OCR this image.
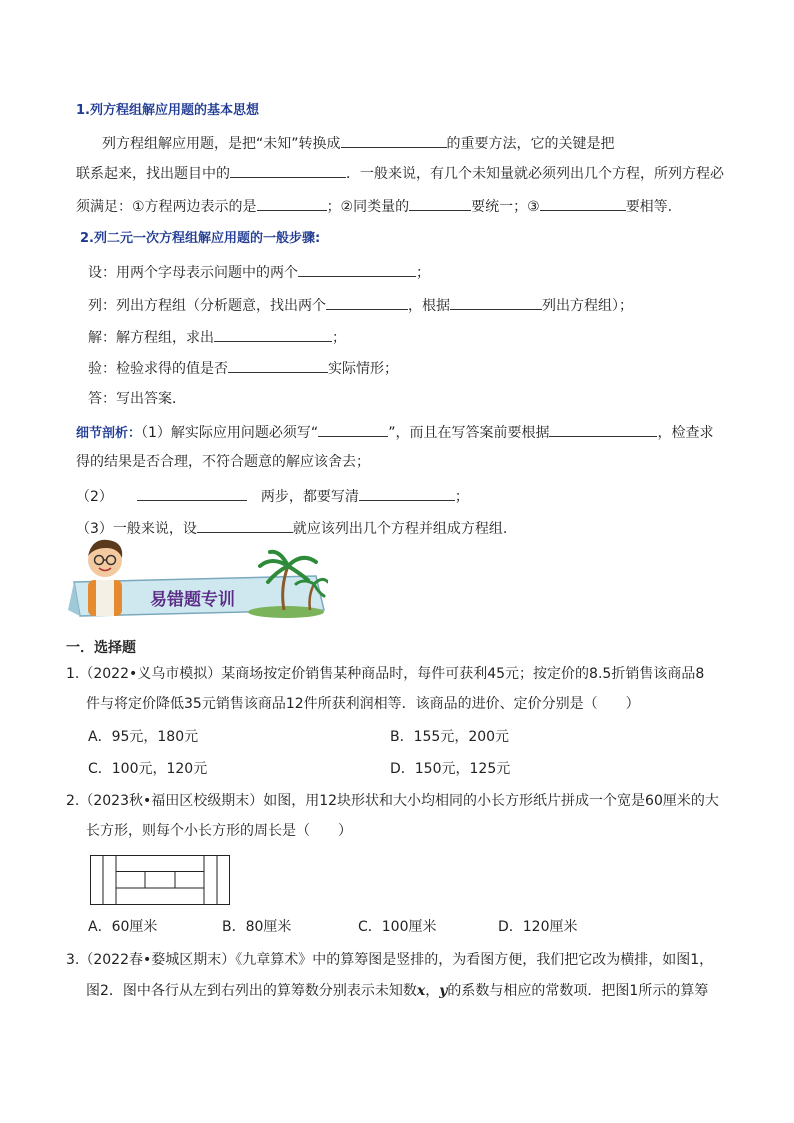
1.列方程组解应用题的基本思想
列方程组解应用题，是把“未知”转换成	的重要方法，它的关键是把
联系起来，找出题目中的	．一般来说，有几个未知量就必须列出几个方程，所列方程必
须满足：①方程两边表示的是	；②同类量的	要统一；③	要相等.
2.列二元一次方程组解应用题的一般步骤:
设：用两个字母表示问题中的两个	；
列：列出方程组（分析题意，找出两个	，根据	列出方程组）；
解：解方程组，求出	；
验：检验求得的值是否	实际情形；
答：写出答案．
细节剖析：（1）解实际应用问题必须写“	”，而且在写答案前要根据	，检查求
得的结果是否合理，不符合题意的解应该舍去；
（2）	两步，都要写清	；
（3）一般来说，设	就应该列出几个方程并组成方程组.
易错题专训
一．选择题
1.（2022•义乌市模拟）某商场按定价销售某种商品时，每件可获利45元；按定价的8.5折销售该商品8
件与将定价降低35元销售该商品12件所获利润相等．该商品的进价、定价分别是（　　）
A．95元，180元	B．155元，200元
C．100元，120元	D．150元，125元
2.（2023秋•福田区校级期末）如图，用12块形状和大小均相同的小长方形纸片拼成一个宽是60厘米的大
长方形，则每个小长方形的周长是（　　）
A．60厘米	B．80厘米	C．100厘米	D．120厘米
3.（2022春•婺城区期末）《九章算术》中的算筹图是竖排的，为看图方便，我们把它改为横排，如图1，
图2．图中各行从左到右列出的算筹数分别表示未知数x，y的系数与相应的常数项．把图1所示的算筹
